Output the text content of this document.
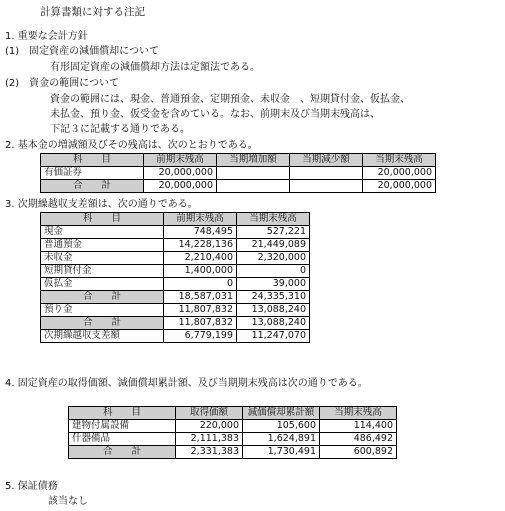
計算書類に対する注記
1. 重要な会計方針
(1)　固定資産の減価償却について
有形固定資産の減価償却方法は定額法である。
(2)　資金の範囲について
資金の範囲には、現金、普通預金、定期預金、未収金　、短期貸付金、仮払金、
未払金、預り金、仮受金を含めている。なお、前期末及び当期末残高は、
下記３に記載する通りである。
2. 基本金の増減額及びその残高は、次のとおりである。
科　　目	前期末残高	当期増加額	当期減少額	当期末残高
有価証券	20,000,000			20,000,000
合　　計	20,000,000			20,000,000
3. 次期繰越収支差額は、次の通りである。
科　　目	前期末残高	当期末残高
現金	748,495	527,221
普通預金	14,228,136	21,449,089
未収金	2,210,400	2,320,000
短期貸付金	1,400,000	0
仮払金	0	39,000
合　　計	18,587,031	24,335,310
預り金	11,807,832	13,088,240
合　　計	11,807,832	13,088,240
次期繰越収支差額	6,779,199	11,247,070
4. 固定資産の取得価額、減価償却累計額、及び当期期末残高は次の通りである。
科　　目	取得価額	減価償却累計額	当期末残高
建物付属設備	220,000	105,600	114,400
什器備品	2,111,383	1,624,891	486,492
合　　計	2,331,383	1,730,491	600,892
5. 保証債務
該当なし
